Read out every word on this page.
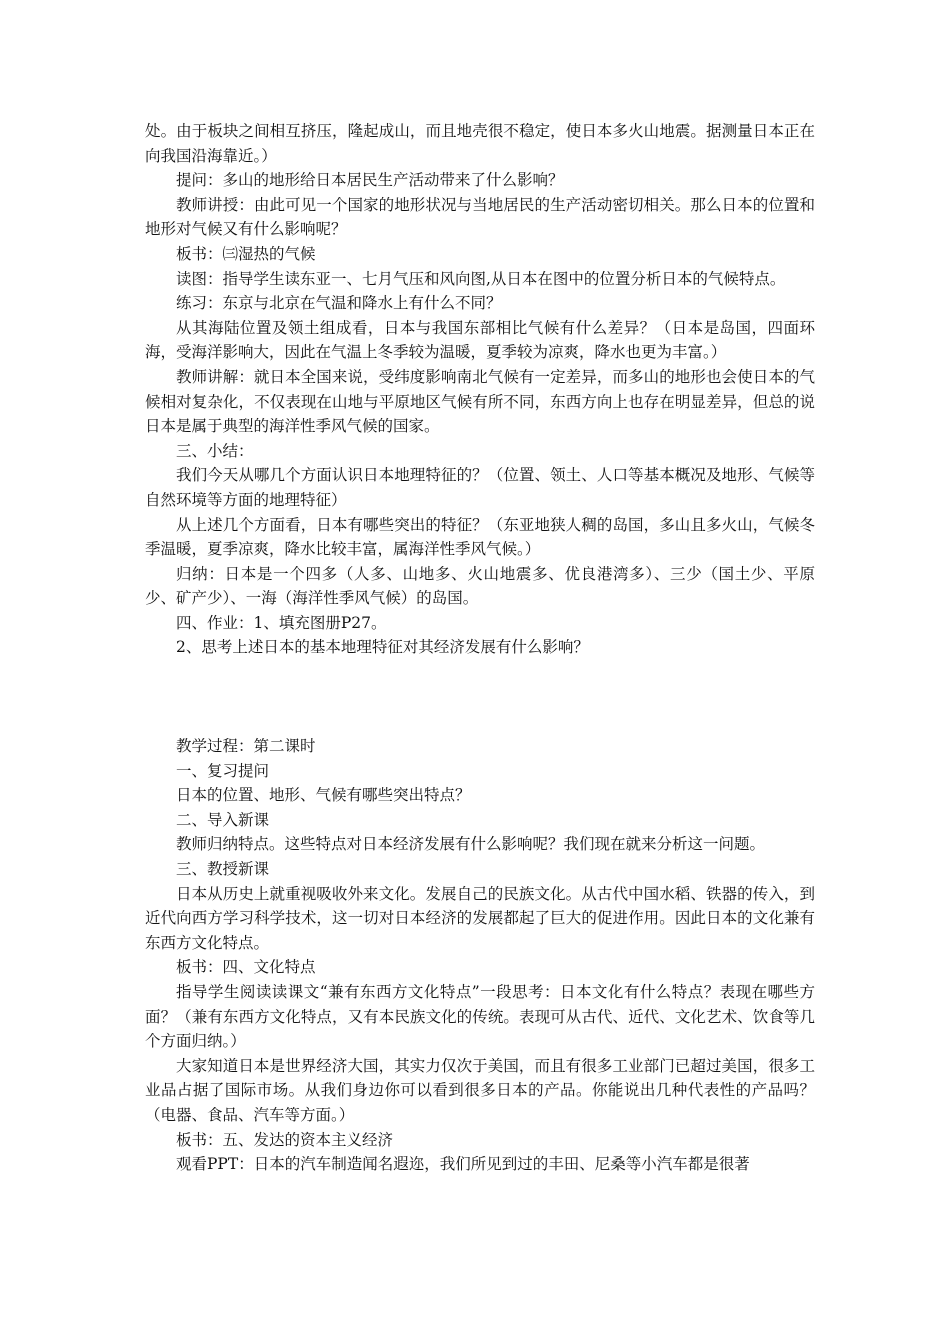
处。由于板块之间相互挤压，隆起成山，而且地壳很不稳定，使日本多火山地震。据测量日本正在向我国沿海靠近。）

提问：多山的地形给日本居民生产活动带来了什么影响？

教师讲授：由此可见一个国家的地形状况与当地居民的生产活动密切相关。那么日本的位置和地形对气候又有什么影响呢？

板书：㈢湿热的气候

读图：指导学生读东亚一、七月气压和风向图,从日本在图中的位置分析日本的气候特点。

练习：东京与北京在气温和降水上有什么不同？

从其海陆位置及领土组成看，日本与我国东部相比气候有什么差异？（日本是岛国，四面环海，受海洋影响大，因此在气温上冬季较为温暖，夏季较为凉爽，降水也更为丰富。）

教师讲解：就日本全国来说，受纬度影响南北气候有一定差异，而多山的地形也会使日本的气候相对复杂化，不仅表现在山地与平原地区气候有所不同，东西方向上也存在明显差异，但总的说日本是属于典型的海洋性季风气候的国家。

三、小结：

我们今天从哪几个方面认识日本地理特征的？（位置、领土、人口等基本概况及地形、气候等自然环境等方面的地理特征）

从上述几个方面看，日本有哪些突出的特征？（东亚地狭人稠的岛国，多山且多火山，气候冬季温暖，夏季凉爽，降水比较丰富，属海洋性季风气候。）

归纳：日本是一个四多（人多、山地多、火山地震多、优良港湾多）、三少（国土少、平原少、矿产少）、一海（海洋性季风气候）的岛国。

四、作业：1、填充图册P27。

2、思考上述日本的基本地理特征对其经济发展有什么影响？

教学过程：第二课时

一、复习提问

日本的位置、地形、气候有哪些突出特点？

二、导入新课

教师归纳特点。这些特点对日本经济发展有什么影响呢？我们现在就来分析这一问题。

三、教授新课

日本从历史上就重视吸收外来文化。发展自己的民族文化。从古代中国水稻、铁器的传入，到近代向西方学习科学技术，这一切对日本经济的发展都起了巨大的促进作用。因此日本的文化兼有东西方文化特点。

板书：四、文化特点

指导学生阅读读课文“兼有东西方文化特点”一段思考：日本文化有什么特点？表现在哪些方面？（兼有东西方文化特点，又有本民族文化的传统。表现可从古代、近代、文化艺术、饮食等几个方面归纳。）

大家知道日本是世界经济大国，其实力仅次于美国，而且有很多工业部门已超过美国，很多工业品占据了国际市场。从我们身边你可以看到很多日本的产品。你能说出几种代表性的产品吗？（电器、食品、汽车等方面。）

板书：五、发达的资本主义经济

观看PPT：日本的汽车制造闻名遐迩，我们所见到过的丰田、尼桑等小汽车都是很著
